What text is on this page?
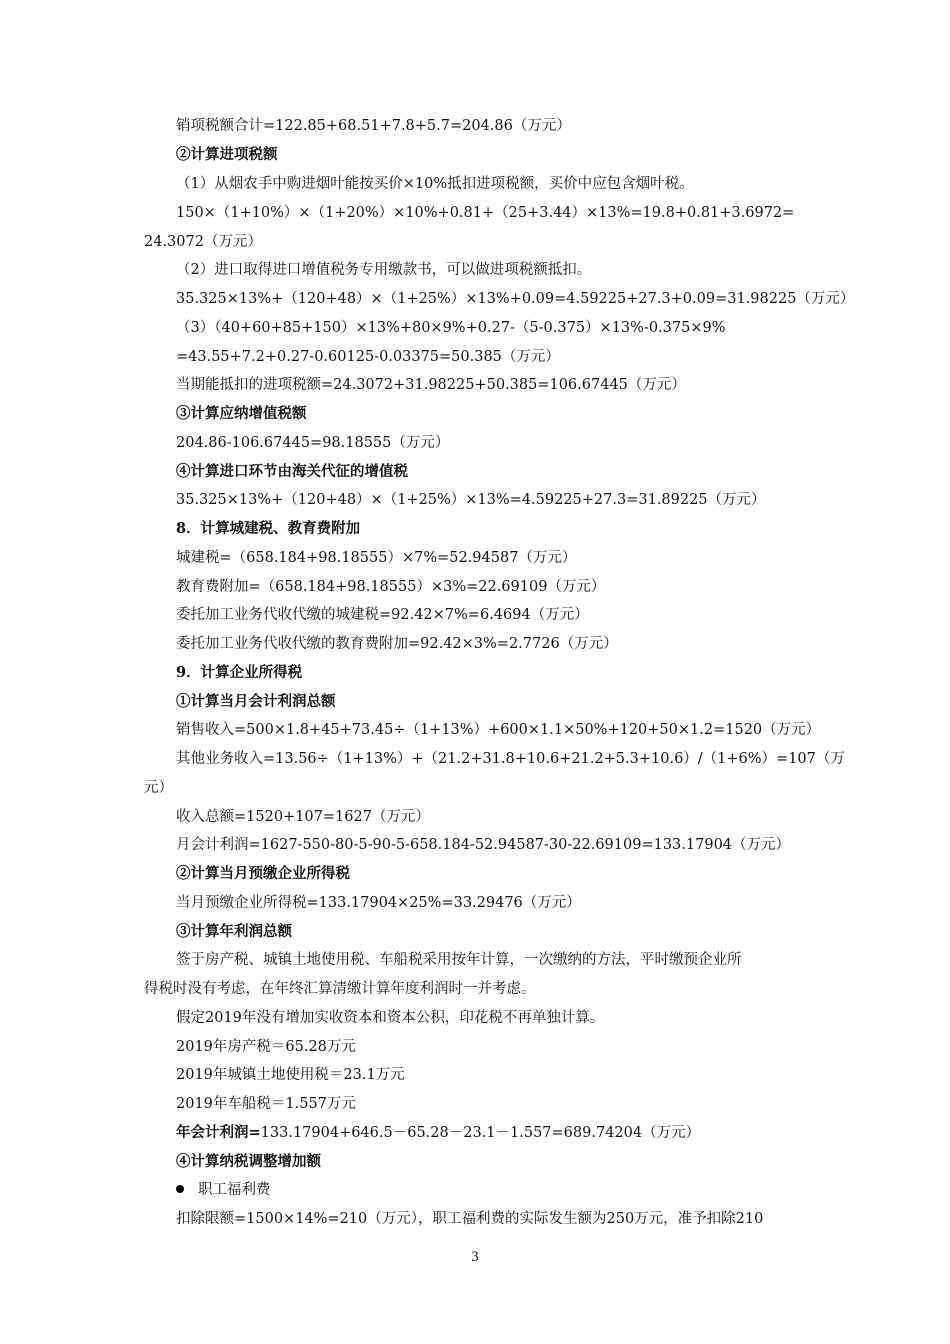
销项税额合计=122.85+68.51+7.8+5.7=204.86（万元）
②计算进项税额
（1）从烟农手中购进烟叶能按买价×10%抵扣进项税额，买价中应包含烟叶税。
150×（1+10%）×（1+20%）×10%+0.81+（25+3.44）×13%=19.8+0.81+3.6972=
24.3072（万元）
（2）进口取得进口增值税务专用缴款书，可以做进项税额抵扣。
35.325×13%+（120+48）×（1+25%）×13%+0.09=4.59225+27.3+0.09=31.98225（万元）
（3）（40+60+85+150）×13%+80×9%+0.27-（5-0.375）×13%-0.375×9%
=43.55+7.2+0.27-0.60125-0.03375=50.385（万元）
当期能抵扣的进项税额=24.3072+31.98225+50.385=106.67445（万元）
③计算应纳增值税额
204.86-106.67445=98.18555（万元）
④计算进口环节由海关代征的增值税
35.325×13%+（120+48）×（1+25%）×13%=4.59225+27.3=31.89225（万元）
8．计算城建税、教育费附加
城建税=（658.184+98.18555）×7%=52.94587（万元）
教育费附加=（658.184+98.18555）×3%=22.69109（万元）
委托加工业务代收代缴的城建税=92.42×7%=6.4694（万元）
委托加工业务代收代缴的教育费附加=92.42×3%=2.7726（万元）
9．计算企业所得税
①计算当月会计利润总额
销售收入=500×1.8+45+73.45÷（1+13%）+600×1.1×50%+120+50×1.2=1520（万元）
其他业务收入=13.56÷（1+13%）+（21.2+31.8+10.6+21.2+5.3+10.6）/（1+6%）=107（万
元）
收入总额=1520+107=1627（万元）
月会计利润=1627-550-80-5-90-5-658.184-52.94587-30-22.69109=133.17904（万元）
②计算当月预缴企业所得税
当月预缴企业所得税=133.17904×25%=33.29476（万元）
③计算年利润总额
签于房产税、城镇土地使用税、车船税采用按年计算，一次缴纳的方法，平时缴预企业所
得税时没有考虑，在年终汇算清缴计算年度利润时一并考虑。
假定2019年没有增加实收资本和资本公积，印花税不再单独计算。
2019年房产税＝65.28万元
2019年城镇土地使用税＝23.1万元
2019年车船税＝1.557万元
年会计利润=133.17904+646.5－65.28－23.1－1.557=689.74204（万元）
④计算纳税调整增加额
职工福利费
扣除限额=1500×14%=210（万元），职工福利费的实际发生额为250万元，准予扣除210
3
